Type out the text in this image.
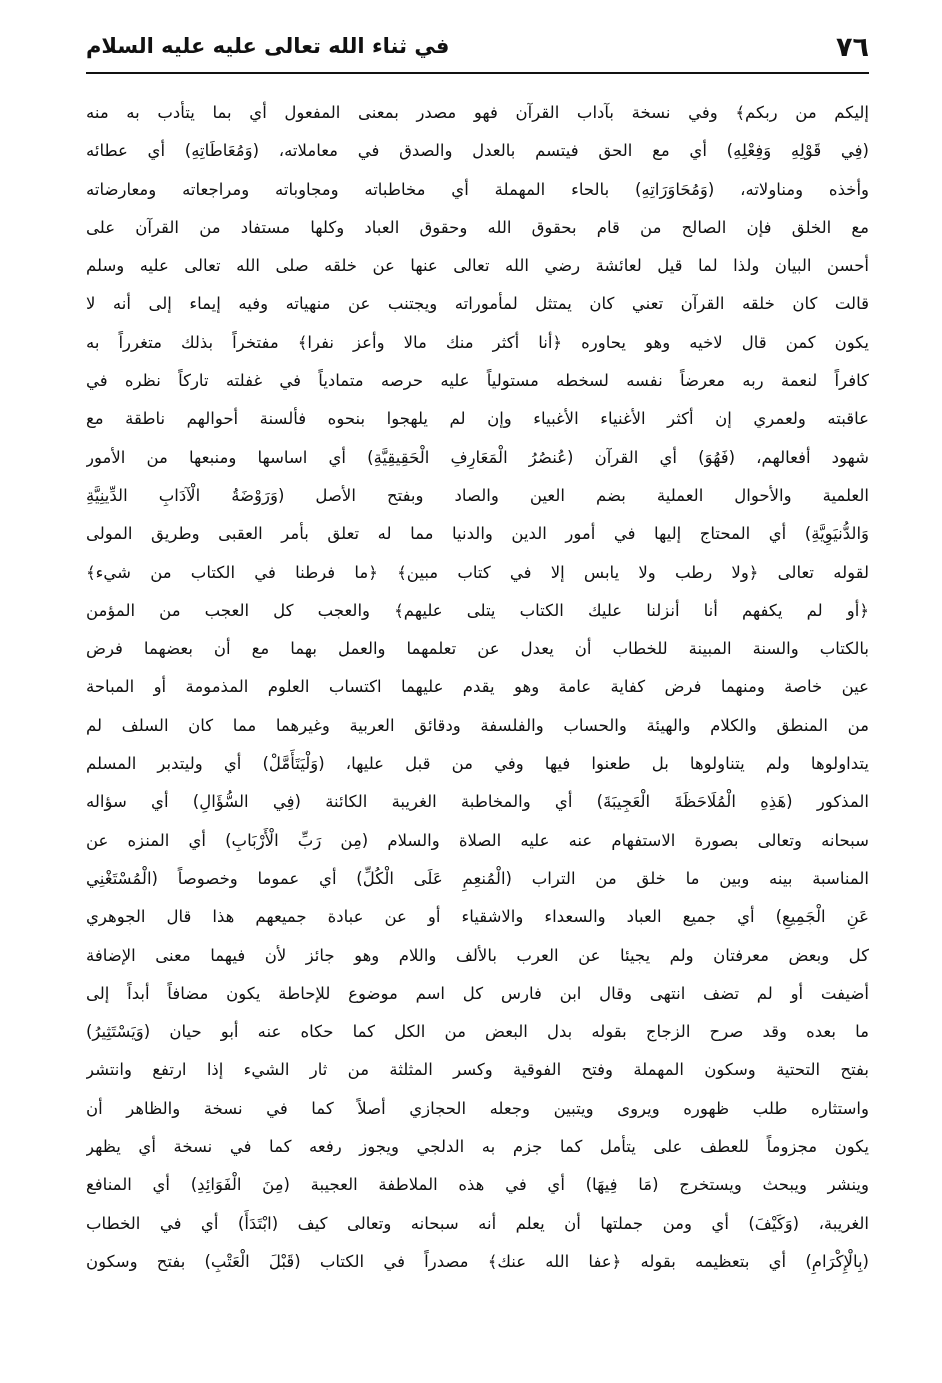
٧٦
في ثناء الله تعالى عليه عليه السلام
إليكم من ربكم﴾ وفي نسخة بآداب القرآن فهو مصدر بمعنى المفعول أي بما يتأدب به منه
(فِي قَوْلِهِ وَفِعْلِهِ) أي مع الحق فيتسم بالعدل والصدق في معاملاته، (وَمُعَاطَاتِهِ) أي عطائه
وأخذه ومناولاته، (وَمُحَاوَرَاتِهِ) بالحاء المهملة أي مخاطباته ومجاوباته ومراجعاته ومعارضاته
مع الخلق فإن الصالح من قام بحقوق الله وحقوق العباد وكلها مستفاد من القرآن على
أحسن البيان ولذا لما قيل لعائشة رضي الله تعالى عنها عن خلقه صلى الله تعالى عليه وسلم
قالت كان خلقه القرآن تعني كان يمتثل لمأموراته ويجتنب عن منهياته وفيه إيماء إلى أنه لا
يكون كمن قال لاخيه وهو يحاوره ﴿أنا أكثر منك مالا وأعز نفرا﴾ مفتخراً بذلك متغرراً به
كافراً لنعمة ربه معرضاً نفسه لسخطه مستولياً عليه حرصه متمادياً في غفلته تاركاً نظره في
عاقبته ولعمري إن أكثر الأغنياء الأغبياء وإن لم يلهجوا بنحوه فألسنة أحوالهم ناطقة مع
شهود أفعالهم، (فَهُوَ) أي القرآن (عُنصُرُ الْمَعَارِفِ الْحَقِيقِيَّةِ) أي اساسها ومنبعها من الأمور
العلمية والأحوال العملية بضم العين والصاد وبفتح الأصل (وَرَوْضَةُ الْآدَابِ الدِّينِيَّةِ
وَالدُّنيَوِيَّةِ) أي المحتاج إليها في أمور الدين والدنيا مما له تعلق بأمر العقبى وطريق المولى
لقوله تعالى ﴿ولا رطب ولا يابس إلا في كتاب مبين﴾ ﴿ما فرطنا في الكتاب من شيء﴾
﴿أو لم يكفهم أنا أنزلنا عليك الكتاب يتلى عليهم﴾ والعجب كل العجب من المؤمن
بالكتاب والسنة المبينة للخطاب أن يعدل عن تعلمهما والعمل بهما مع أن بعضهما فرض
عين خاصة ومنهما فرض كفاية عامة وهو يقدم عليهما اكتساب العلوم المذمومة أو المباحة
من المنطق والكلام والهيئة والحساب والفلسفة ودقائق العربية وغيرهما مما كان السلف لم
يتداولوها ولم يتناولوها بل طعنوا فيها وفي من قبل عليها، (وَلْيَتَأَمَّلْ) أي وليتدبر المسلم
المذكور (هَذِهِ الْمُلَاحَظَةَ الْعَجِيبَةَ) أي والمخاطبة الغريبة الكائنة (فِي السُّؤَالِ) أي سؤاله
سبحانه وتعالى بصورة الاستفهام عنه عليه الصلاة والسلام (مِن رَبِّ الْأَرْبَابِ) أي المنزه عن
المناسبة بينه وبين ما خلق من التراب (الْمُنعِمِ عَلَى الْكُلِّ) أي عموما وخصوصاً (الْمُسْتَغْنِي
عَنِ الْجَمِيعِ) أي جميع العباد والسعداء والاشقياء أو عن عبادة جميعهم هذا قال الجوهري
كل وبعض معرفتان ولم يجيئا عن العرب بالألف واللام وهو جائز لأن فيهما معنى الإضافة
أضيفت أو لم تضف انتهى وقال ابن فارس كل اسم موضوع للإحاطة يكون مضافاً أبداً إلى
ما بعده وقد صرح الزجاج بقوله بدل البعض من الكل كما حكاه عنه أبو حيان (وَيَسْتَثِيرُ)
بفتح التحتية وسكون المهملة وفتح الفوقية وكسر المثلثة من ثار الشيء إذا ارتفع وانتشر
واستثاره طلب ظهوره ويروى ويتبين وجعله الحجازي أصلاً كما في نسخة والظاهر أن
يكون مجزوماً للعطف على يتأمل كما جزم به الدلجي ويجوز رفعه كما في نسخة أي يظهر
وينشر ويبحث ويستخرج (مَا فِيهَا) أي في هذه الملاطفة العجيبة (مِنَ الْفَوَائِدِ) أي المنافع
الغريبة، (وَكَيْفَ) أي ومن جملتها أن يعلم أنه سبحانه وتعالى كيف (ابْتَدَأَ) أي في الخطاب
(بِالْإِكْرَامِ) أي بتعظيمه بقوله ﴿عفا الله عنك﴾ مصدراً في الكتاب (قَبْلَ الْعَتْبِ) بفتح وسكون
